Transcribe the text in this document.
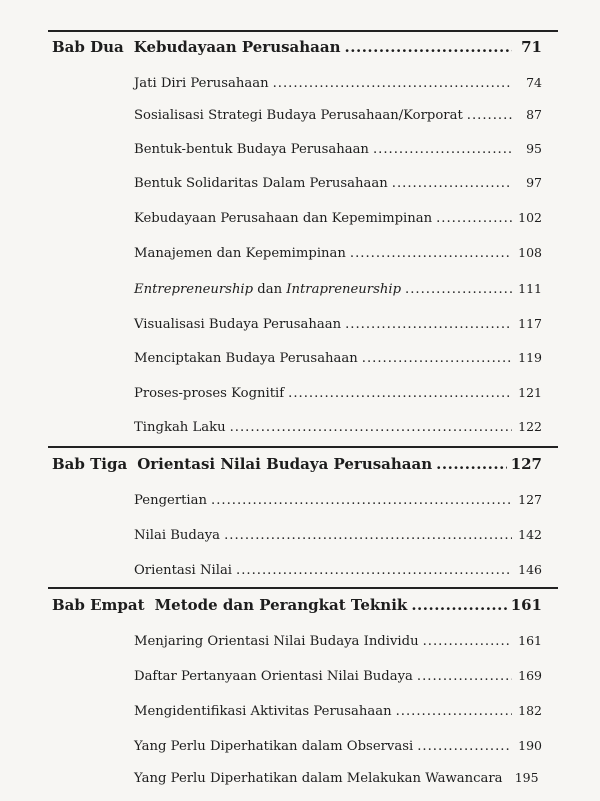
Bab Dua Kebudayaan Perusahaan .....	71
Jati Diri Perusahaan .....	74
Sosialisasi Strategi Budaya Perusahaan/Korporat .....	87
Bentuk-bentuk Budaya Perusahaan .....	95
Bentuk Solidaritas Dalam Perusahaan .....	97
Kebudayaan Perusahaan dan Kepemimpinan .....	102
Manajemen dan Kepemimpinan .....	108
Entrepreneurship dan Intrapreneurship .....	111
Visualisasi Budaya Perusahaan .....	117
Menciptakan Budaya Perusahaan .....	119
Proses-proses Kognitif .....	121
Tingkah Laku .....	122
Bab Tiga Orientasi Nilai Budaya Perusahaan .....	127
Pengertian .....	127
Nilai Budaya .....	142
Orientasi Nilai .....	146
Bab Empat Metode dan Perangkat Teknik .....	161
Menjaring Orientasi Nilai Budaya Individu .....	161
Daftar Pertanyaan Orientasi Nilai Budaya .....	169
Mengidentifikasi Aktivitas Perusahaan .....	182
Yang Perlu Diperhatikan dalam Observasi .....	190
Yang Perlu Diperhatikan dalam Melakukan Wawancara 195
